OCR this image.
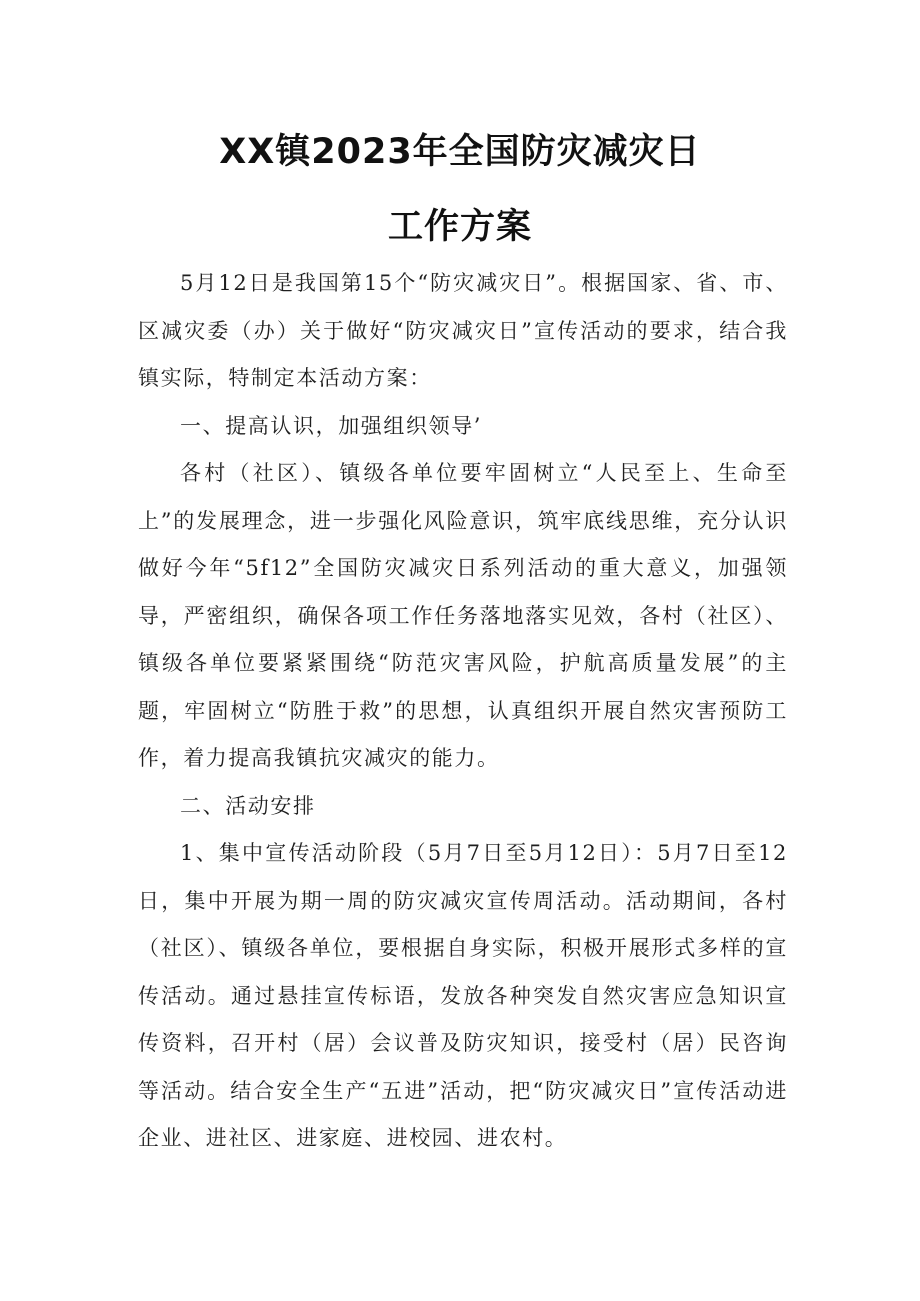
XX镇2023年全国防灾减灾日
工作方案

5月12日是我国第15个“防灾减灾日”。根据国家、省、市、区减灾委（办）关于做好“防灾减灾日”宣传活动的要求，结合我镇实际，特制定本活动方案：

一、提高认识，加强组织领导’

各村（社区）、镇级各单位要牢固树立“人民至上、生命至上”的发展理念，进一步强化风险意识，筑牢底线思维，充分认识做好今年“5f12”全国防灾减灾日系列活动的重大意义，加强领导，严密组织，确保各项工作任务落地落实见效，各村（社区）、镇级各单位要紧紧围绕“防范灾害风险，护航高质量发展”的主题，牢固树立“防胜于救”的思想，认真组织开展自然灾害预防工作，着力提高我镇抗灾减灾的能力。

二、活动安排

1、集中宣传活动阶段（5月7日至5月12日）：5月7日至12日，集中开展为期一周的防灾减灾宣传周活动。活动期间，各村（社区）、镇级各单位，要根据自身实际，积极开展形式多样的宣传活动。通过悬挂宣传标语，发放各种突发自然灾害应急知识宣传资料，召开村（居）会议普及防灾知识，接受村（居）民咨询等活动。结合安全生产“五进”活动，把“防灾减灾日”宣传活动进企业、进社区、进家庭、进校园、进农村。
